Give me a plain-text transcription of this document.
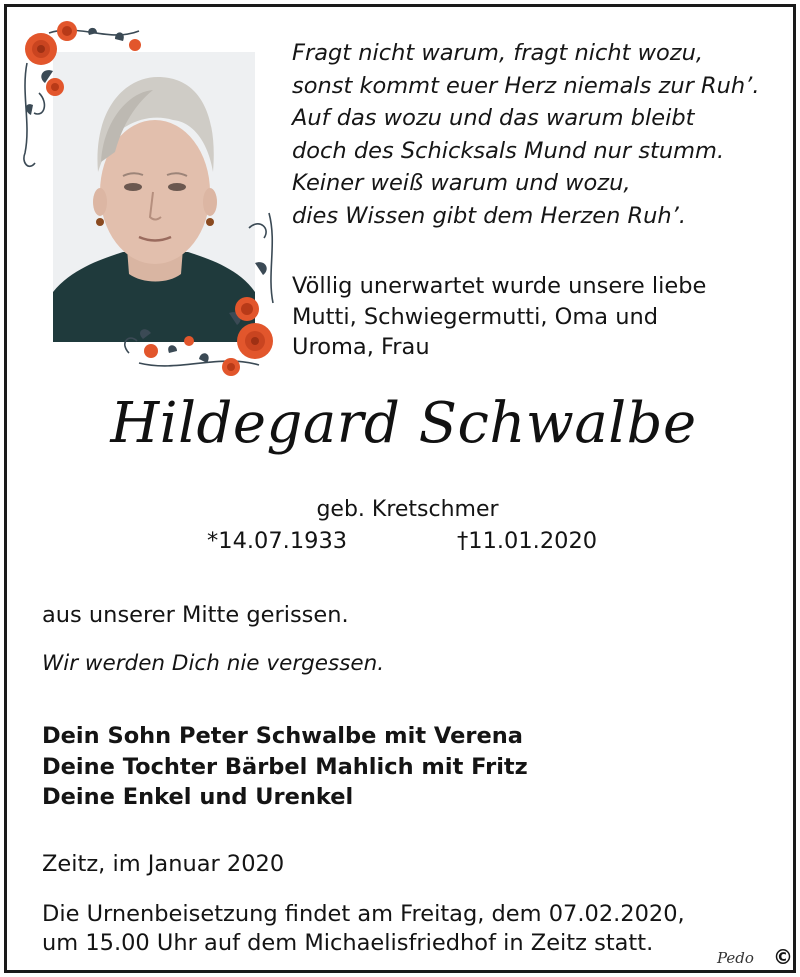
Fragt nicht warum, fragt nicht wozu,
sonst kommt euer Herz niemals zur Ruh’.
Auf das wozu und das warum bleibt
doch des Schicksals Mund nur stumm.
Keiner weiß warum und wozu,
dies Wissen gibt dem Herzen Ruh’.
Völlig unerwartet wurde unsere liebe
Mutti, Schwiegermutti, Oma und
Uroma, Frau
Hildegard Schwalbe
geb. Kretschmer
*14.07.1933	†11.01.2020
aus unserer Mitte gerissen.
Wir werden Dich nie vergessen.
Dein Sohn Peter Schwalbe mit Verena
Deine Tochter Bärbel Mahlich mit Fritz
Deine Enkel und Urenkel
Zeitz, im Januar 2020
Die Urnenbeisetzung findet am Freitag, dem 07.02.2020,
um 15.00 Uhr auf dem Michaelisfriedhof in Zeitz statt.
Pedo ©
